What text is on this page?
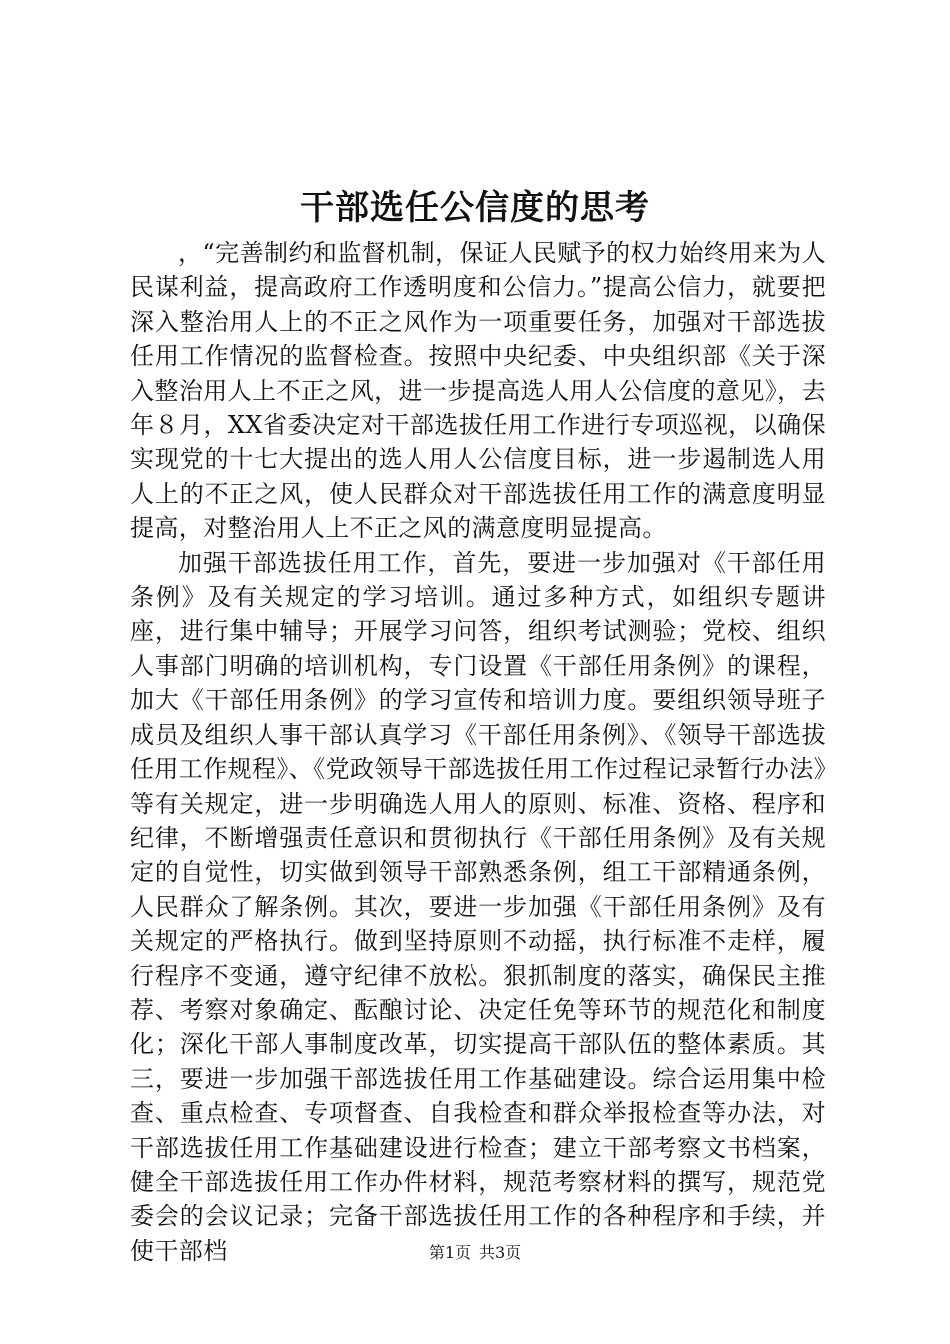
干部选任公信度的思考

，“完善制约和监督机制，保证人民赋予的权力始终用来为人民谋利益，提高政府工作透明度和公信力。”提高公信力，就要把深入整治用人上的不正之风作为一项重要任务，加强对干部选拔任用工作情况的监督检查。按照中央纪委、中央组织部《关于深入整治用人上不正之风，进一步提高选人用人公信度的意见》，去年８月，XX省委决定对干部选拔任用工作进行专项巡视，以确保实现党的十七大提出的选人用人公信度目标，进一步遏制选人用人上的不正之风，使人民群众对干部选拔任用工作的满意度明显提高，对整治用人上不正之风的满意度明显提高。

加强干部选拔任用工作，首先，要进一步加强对《干部任用条例》及有关规定的学习培训。通过多种方式，如组织专题讲座，进行集中辅导；开展学习问答，组织考试测验；党校、组织人事部门明确的培训机构，专门设置《干部任用条例》的课程，加大《干部任用条例》的学习宣传和培训力度。要组织领导班子成员及组织人事干部认真学习《干部任用条例》、《领导干部选拔任用工作规程》、《党政领导干部选拔任用工作过程记录暂行办法》等有关规定，进一步明确选人用人的原则、标准、资格、程序和纪律，不断增强责任意识和贯彻执行《干部任用条例》及有关规定的自觉性，切实做到领导干部熟悉条例，组工干部精通条例，人民群众了解条例。其次，要进一步加强《干部任用条例》及有关规定的严格执行。做到坚持原则不动摇，执行标准不走样，履行程序不变通，遵守纪律不放松。狠抓制度的落实，确保民主推荐、考察对象确定、酝酿讨论、决定任免等环节的规范化和制度化；深化干部人事制度改革，切实提高干部队伍的整体素质。其三，要进一步加强干部选拔任用工作基础建设。综合运用集中检查、重点检查、专项督查、自我检查和群众举报检查等办法，对干部选拔任用工作基础建设进行检查；建立干部考察文书档案，健全干部选拔任用工作办件材料，规范考察材料的撰写，规范党委会的会议记录；完备干部选拔任用工作的各种程序和手续，并使干部档	第1页 共3页
